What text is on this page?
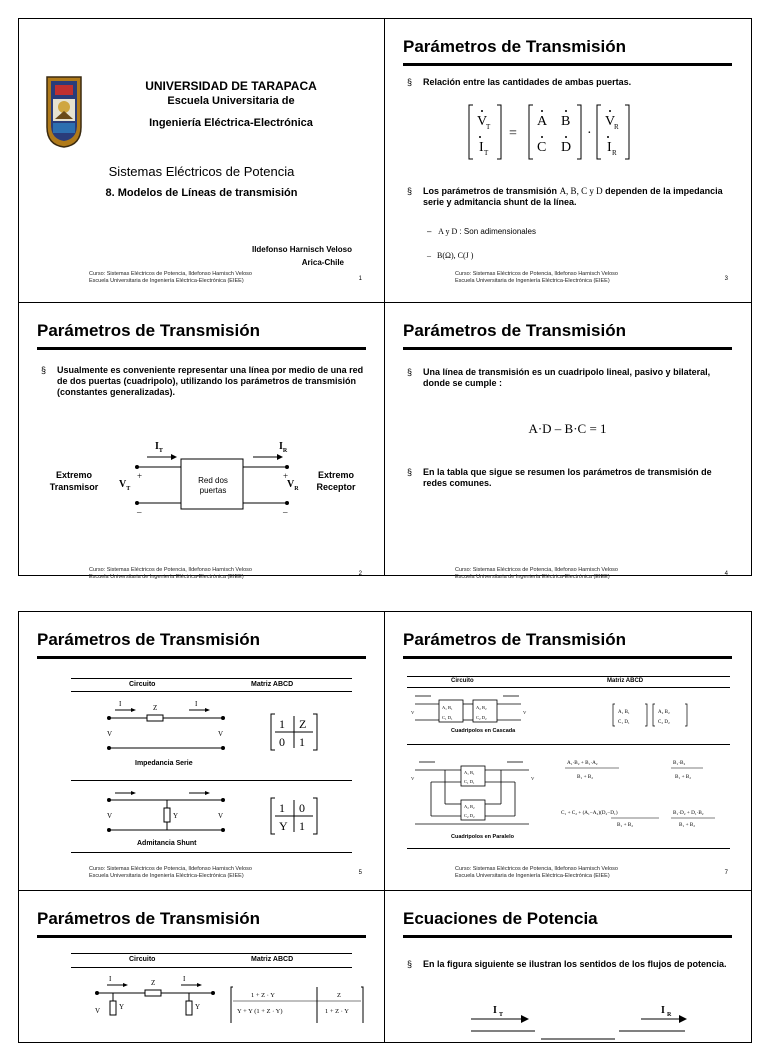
UNIVERSIDAD DE TARAPACA
Escuela Universitaria de
Ingeniería Eléctrica-Electrónica
Sistemas Eléctricos de Potencia
8. Modelos de Líneas de transmisión
Ildefonso Harnisch Veloso
Arica-Chile
Curso: Sistemas Eléctricos de Potencia, Ildefonso Harnisch Veloso
Escuela Universitaria de Ingeniería Eléctrica-Electrónica (EIEE)	1
Parámetros de Transmisión
§ Relación entre las cantidades de ambas puertas.
V
T
I T
=
A B
C D
·
V
R
I R
§ Los parámetros de transmisión A, B, C y D dependen de la impedancia serie y admitancia shunt de la línea.
–   A y D : Son adimensionales
–   B(Ω), C(J )
Curso: Sistemas Eléctricos de Potencia, Ildefonso Harnisch Veloso
Escuela Universitaria de Ingeniería Eléctrica-Electrónica (EIEE)	3
Parámetros de Transmisión
§ Usualmente es conveniente representar una línea por medio de una red de dos puertas (cuadripolo), utilizando los parámetros de transmisión (constantes generalizadas).
+
–
+
–
$I_T$	$I_R$
$V_T$	$V_R$
Red dos
puertas
Extremo
Transmisor
Extremo
Receptor
Curso: Sistemas Eléctricos de Potencia, Ildefonso Harnisch Veloso
Escuela Universitaria de Ingeniería Eléctrica-Electrónica (EIEE)	2
Parámetros de Transmisión
§ Una línea de transmisión es un cuadripolo lineal, pasivo y bilateral, donde se cumple :
A·D – B·C = 1
§ En la tabla que sigue se resumen los parámetros de transmisión de redes comunes.
Curso: Sistemas Eléctricos de Potencia, Ildefonso Harnisch Veloso
Escuela Universitaria de Ingeniería Eléctrica-Electrónica (EIEE)	4
Parámetros de Transmisión
Circuito	Matriz ABCD
I	Z	I
V	V
Impedancia Serie
1 Z
0 1
Y
V	V
Admitancia Shunt
1 0
Y 1
Curso: Sistemas Eléctricos de Potencia, Ildefonso Harnisch Veloso
Escuela Universitaria de Ingeniería Eléctrica-Electrónica (EIEE)	5
Parámetros de Transmisión
Circuito	Matriz ABCD
A₁ B₁
C₁ D₁
A₂ B₂
C₂ D₂
V	V
Cuadripolos en Cascada
A₁ B₁
C₁ D₁
A₂ B₂
C₂ D₂
A₁ B₁
C₁ D₁
A₂ B₂
C₂ D₂
V	V
Cuadripolos en Paralelo
A₁·B₂ + B₁·A₂	B₁·B₂
B₁ + B₂	B₁ + B₂
C₁ + C₂ + (A₁−A₂)(D₂−D₁)	B₁·D₂ + D₁·B₂
B₁ + B₂	B₁ + B₂
Curso: Sistemas Eléctricos de Potencia, Ildefonso Harnisch Veloso
Escuela Universitaria de Ingeniería Eléctrica-Electrónica (EIEE)	7
Parámetros de Transmisión
Circuito	Matriz ABCD
I	Z	I
Y	Y
V
1 + Z · Y	Z
Y + Y (1 + Z · Y)	1 + Z · Y
Ecuaciones de Potencia
§ En la figura siguiente se ilustran los sentidos de los flujos de potencia.
I T	I R
